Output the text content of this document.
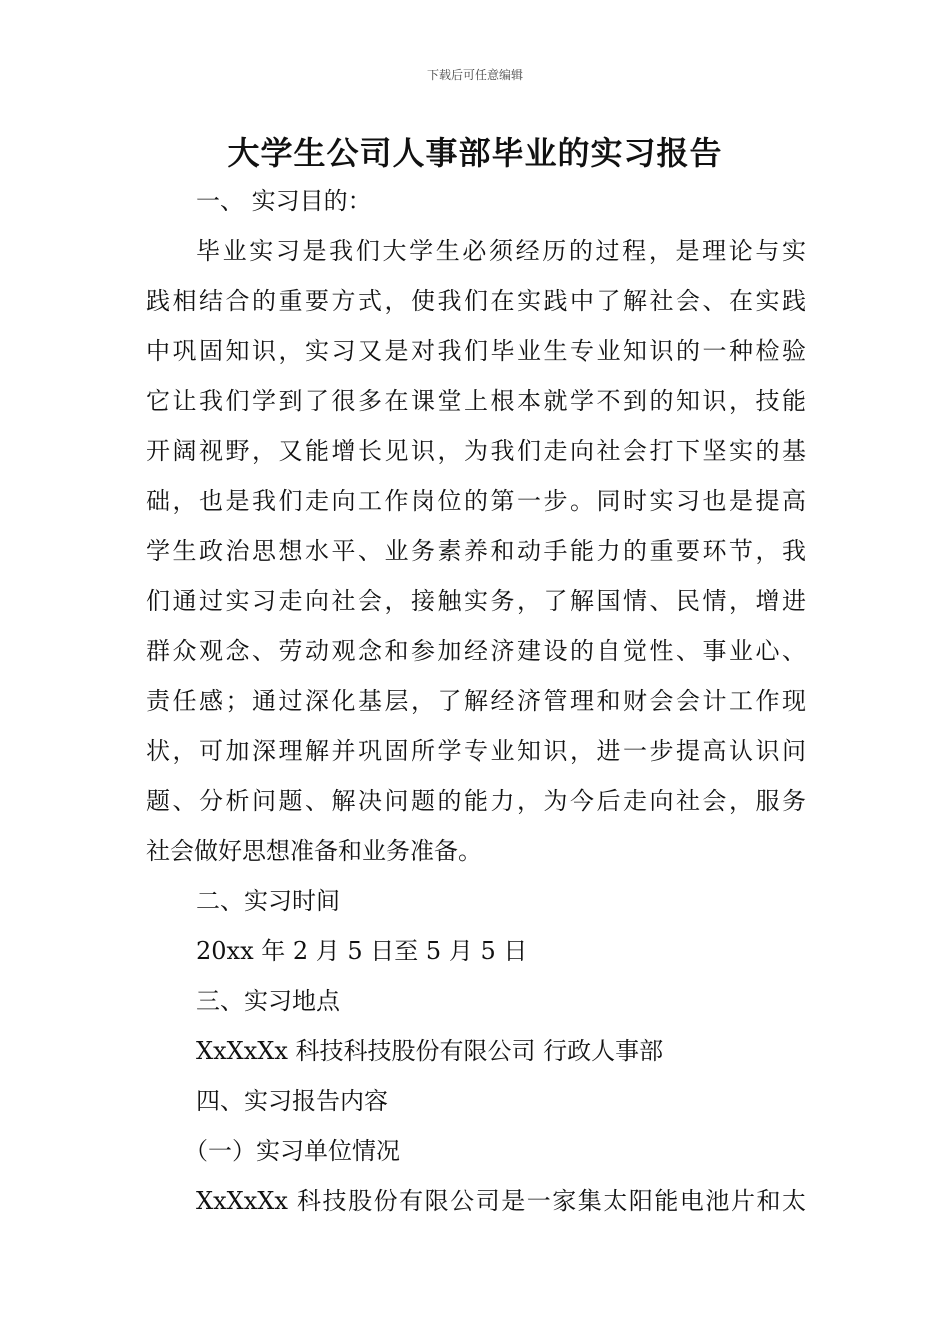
下载后可任意编辑
大学生公司人事部毕业的实习报告
一、 实习目的：
毕业实习是我们大学生必须经历的过程，是理论与实
践相结合的重要方式，使我们在实践中了解社会、在实践
中巩固知识，实习又是对我们毕业生专业知识的一种检验
它让我们学到了很多在课堂上根本就学不到的知识，技能
开阔视野，又能增长见识，为我们走向社会打下坚实的基
础，也是我们走向工作岗位的第一步。同时实习也是提高
学生政治思想水平、业务素养和动手能力的重要环节，我
们通过实习走向社会，接触实务，了解国情、民情，增进
群众观念、劳动观念和参加经济建设的自觉性、事业心、
责任感；通过深化基层，了解经济管理和财会会计工作现
状，可加深理解并巩固所学专业知识，进一步提高认识问
题、分析问题、解决问题的能力，为今后走向社会，服务
社会做好思想准备和业务准备。
二、实习时间
20xx 年 2 月 5 日至 5 月 5 日
三、实习地点
XxXxXx 科技科技股份有限公司 行政人事部
四、实习报告内容
（一）实习单位情况
XxXxXx 科技股份有限公司是一家集太阳能电池片和太
